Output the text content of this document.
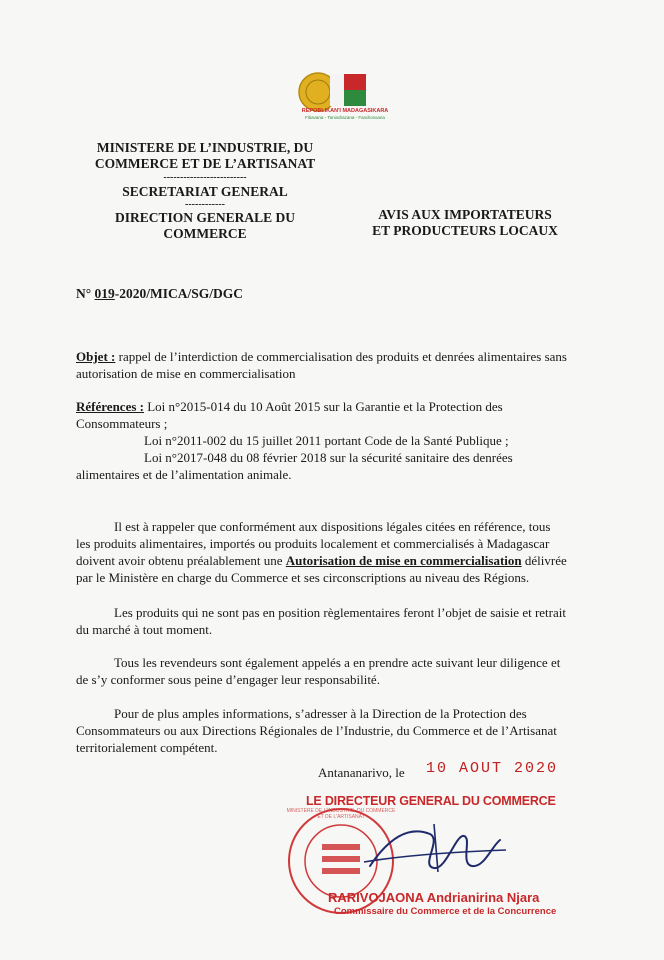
REPOBLIKAN'I MADAGASIKARA
Fitiavana - Tanindrazana - Fandrosoana
MINISTERE DE L’INDUSTRIE, DU
COMMERCE ET DE L’ARTISANAT
-------------------------
SECRETARIAT GENERAL
------------
DIRECTION GENERALE DU
COMMERCE
AVIS AUX IMPORTATEURS
ET PRODUCTEURS LOCAUX
N° 019-2020/MICA/SG/DGC
Objet : rappel de l’interdiction de commercialisation des produits et denrées alimentaires sans
autorisation de mise en commercialisation
Références : Loi n°2015-014 du 10 Août 2015 sur la Garantie et la Protection des
Consommateurs ;
Loi n°2011-002 du 15 juillet 2011 portant Code de la Santé Publique ;
Loi n°2017-048 du 08 février 2018 sur la sécurité sanitaire des denrées
alimentaires et de l’alimentation animale.
Il est à rappeler que conformément aux dispositions légales citées en référence, tous
les produits alimentaires, importés ou produits localement et commercialisés à Madagascar
doivent avoir obtenu préalablement une Autorisation de mise en commercialisation délivrée
par le Ministère en charge du Commerce et ses circonscriptions au niveau des Régions.
Les produits qui ne sont pas en position règlementaires feront l’objet de saisie et retrait
du marché à tout moment.
Tous les revendeurs sont également appelés a en prendre acte suivant leur diligence et
de s’y conformer sous peine d’engager leur responsabilité.
Pour de plus amples informations, s’adresser à la Direction de la Protection des
Consommateurs ou aux Directions Régionales de l’Industrie, du Commerce et de l’Artisanat
territorialement compétent.
Antananarivo, le 10 AOUT 2020
MINISTERE DE L'INDUSTRIE, DU COMMERCE ET DE L'ARTISANAT
LE DIRECTEUR GENERAL DU COMMERCE
RARIVOJAONA Andrianirina Njara
Commissaire du Commerce et de la Concurrence
